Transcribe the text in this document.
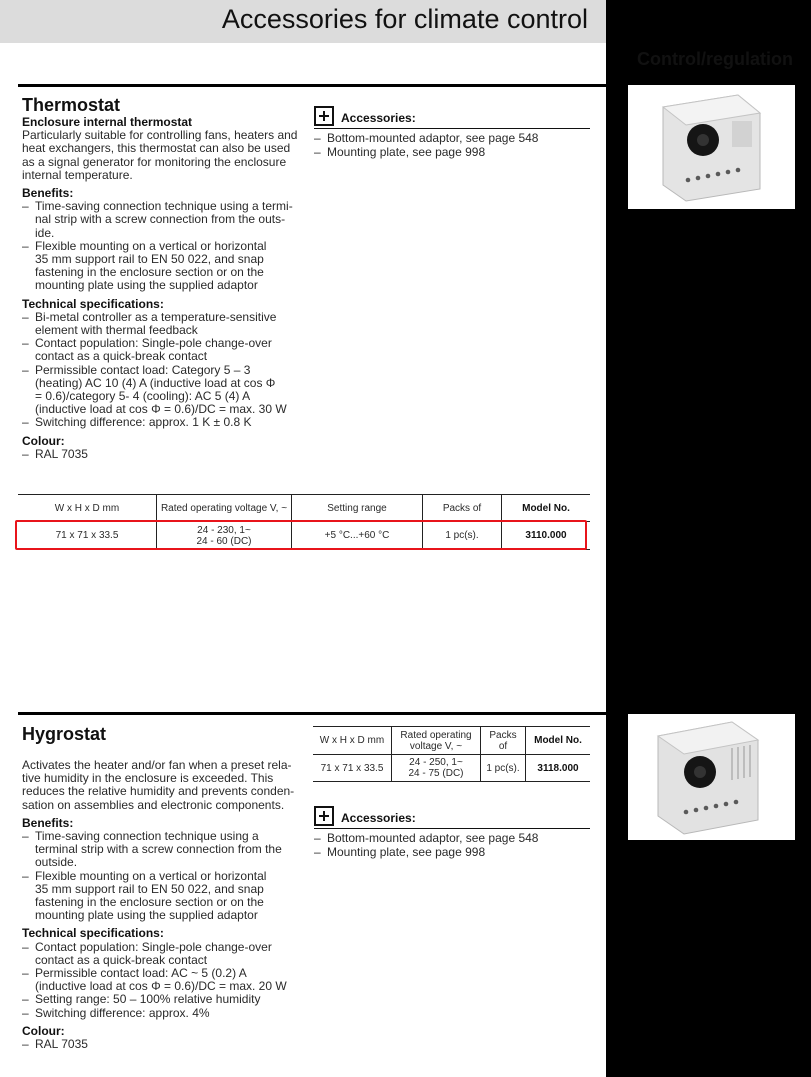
Accessories for climate control
Control/regulation
Thermostat
Enclosure internal thermostat
Particularly suitable for controlling fans, heaters and
heat exchangers, this thermostat can also be used
as a signal generator for monitoring the enclosure
internal temperature.
Benefits:
– Time-saving connection technique using a termi-
nal strip with a screw connection from the outs-
ide.
– Flexible mounting on a vertical or horizontal
35 mm support rail to EN 50 022, and snap
fastening in the enclosure section or on the
mounting plate using the supplied adaptor
Technical specifications:
– Bi-metal controller as a temperature-sensitive
element with thermal feedback
– Contact population: Single-pole change-over
contact as a quick-break contact
– Permissible contact load: Category 5 – 3
(heating) AC 10 (4) A (inductive load at cos Φ
= 0.6)/category 5- 4 (cooling): AC 5 (4) A
(inductive load at cos Φ = 0.6)/DC = max. 30 W
– Switching difference: approx. 1 K ± 0.8 K
Colour:
– RAL 7035
Accessories:
– Bottom-mounted adaptor, see page 548
– Mounting plate, see page 998
W x H x D mm	Rated operating voltage V, ~	Setting range	Packs of	Model No.
71 x 71 x 33.5	24 - 230, 1~
24 - 60 (DC)	+5 °C...+60 °C	1 pc(s).	3110.000
Hygrostat
Activates the heater and/or fan when a preset rela-
tive humidity in the enclosure is exceeded. This
reduces the relative humidity and prevents conden-
sation on assemblies and electronic components.
Benefits:
– Time-saving connection technique using a
terminal strip with a screw connection from the
outside.
– Flexible mounting on a vertical or horizontal
35 mm support rail to EN 50 022, and snap
fastening in the enclosure section or on the
mounting plate using the supplied adaptor
Technical specifications:
– Contact population: Single-pole change-over
contact as a quick-break contact
– Permissible contact load: AC ~ 5 (0.2) A
(inductive load at cos Φ = 0.6)/DC = max. 20 W
– Setting range: 50 – 100% relative humidity
– Switching difference: approx. 4%
Colour:
– RAL 7035
W x H x D mm	Rated operating voltage V, ~	Packs of	Model No.
71 x 71 x 33.5	24 - 250, 1~
24 - 75 (DC)	1 pc(s).	3118.000
Accessories:
– Bottom-mounted adaptor, see page 548
– Mounting plate, see page 998
